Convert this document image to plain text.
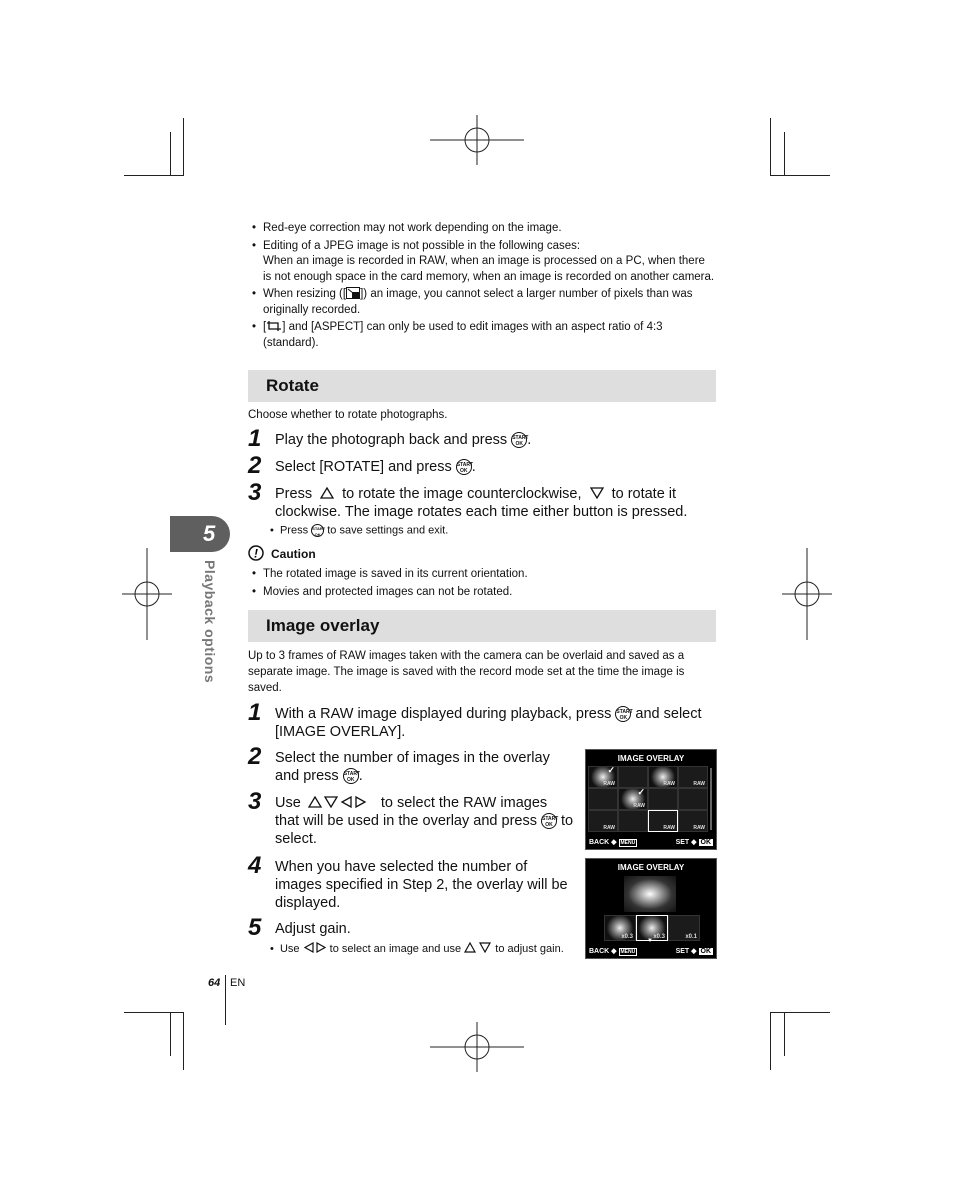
5
Playback options
• Red-eye correction may not work depending on the image.
• Editing of a JPEG image is not possible in the following cases:
When an image is recorded in RAW, when an image is processed on a PC, when there is not enough space in the card memory, when an image is recorded on another camera.
• When resizing ([ ]) an image, you cannot select a larger number of pixels than was originally recorded.
• [ ] and [ASPECT] can only be used to edit images with an aspect ratio of 4:3 (standard).
Rotate
Choose whether to rotate photographs.
1 Play the photograph back and press START
OK .
2 Select [ROTATE] and press START
OK .
3 Press to rotate the image counterclockwise, to rotate it clockwise. The image rotates each time either button is pressed.
•  Press START
OK to save settings and exit.
! Caution
• The rotated image is saved in its current orientation.
• Movies and protected images can not be rotated.
Image overlay
Up to 3 frames of RAW images taken with the camera can be overlaid and saved as a separate image. The image is saved with the record mode set at the time the image is saved.
1 With a RAW image displayed during playback, press START
OK and select [IMAGE OVERLAY].
2 Select the number of images in the overlay and press START
OK .
3 Use	to select the RAW images that will be used in the overlay and press START
OK to select.
4 When you have selected the number of images specified in Step 2, the overlay will be displayed.
5 Adjust gain.
•  Use	to select an image and use	to adjust gain.
IMAGE OVERLAY
RAW
✓
RAW	RAW
RAW
✓
RAW	RAW	RAW
BACK ◆ MENU	SET ◆ OK
IMAGE OVERLAY
x0.3	x0.3	x0.1
▼
BACK ◆ MENU	SET ◆ OK
64 EN
